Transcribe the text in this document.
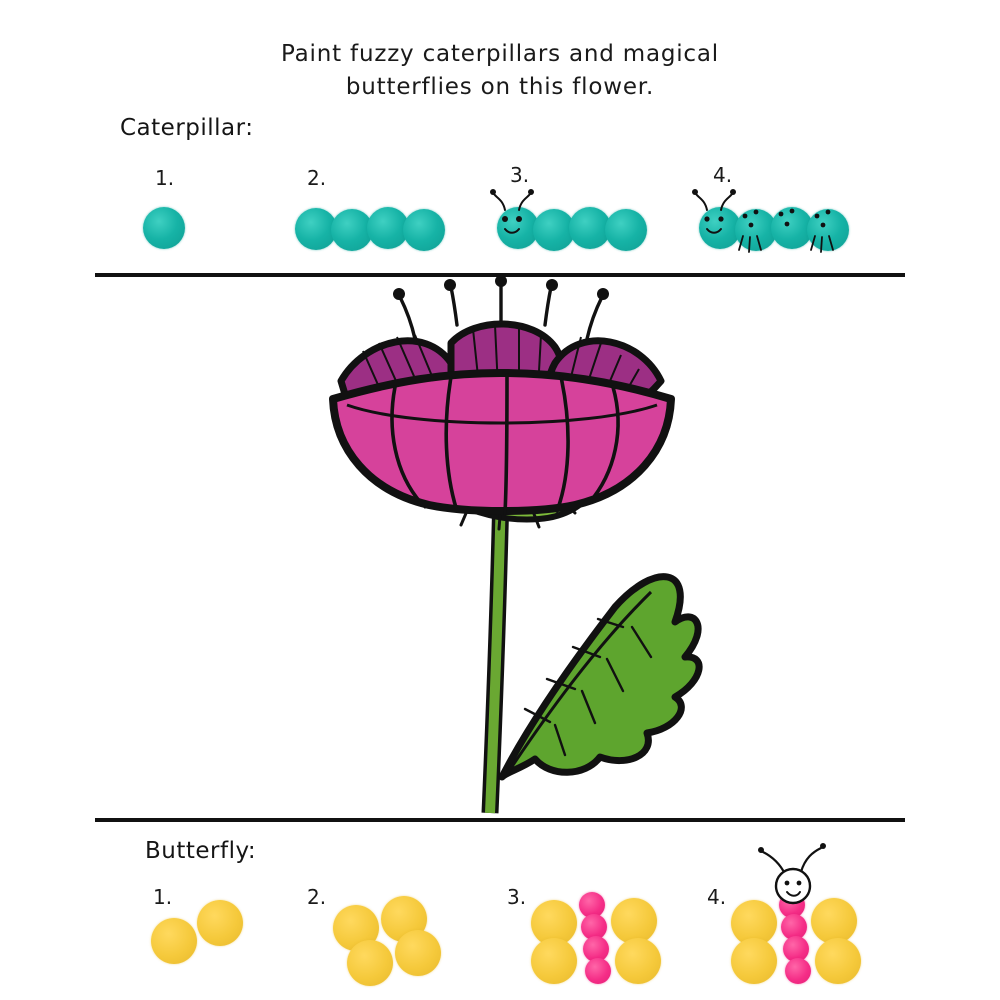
Paint fuzzy caterpillars and magical
butterflies on this flower.
Caterpillar:
1.	2.	3.	4.
Butterfly:
1.	2.	3.	4.
